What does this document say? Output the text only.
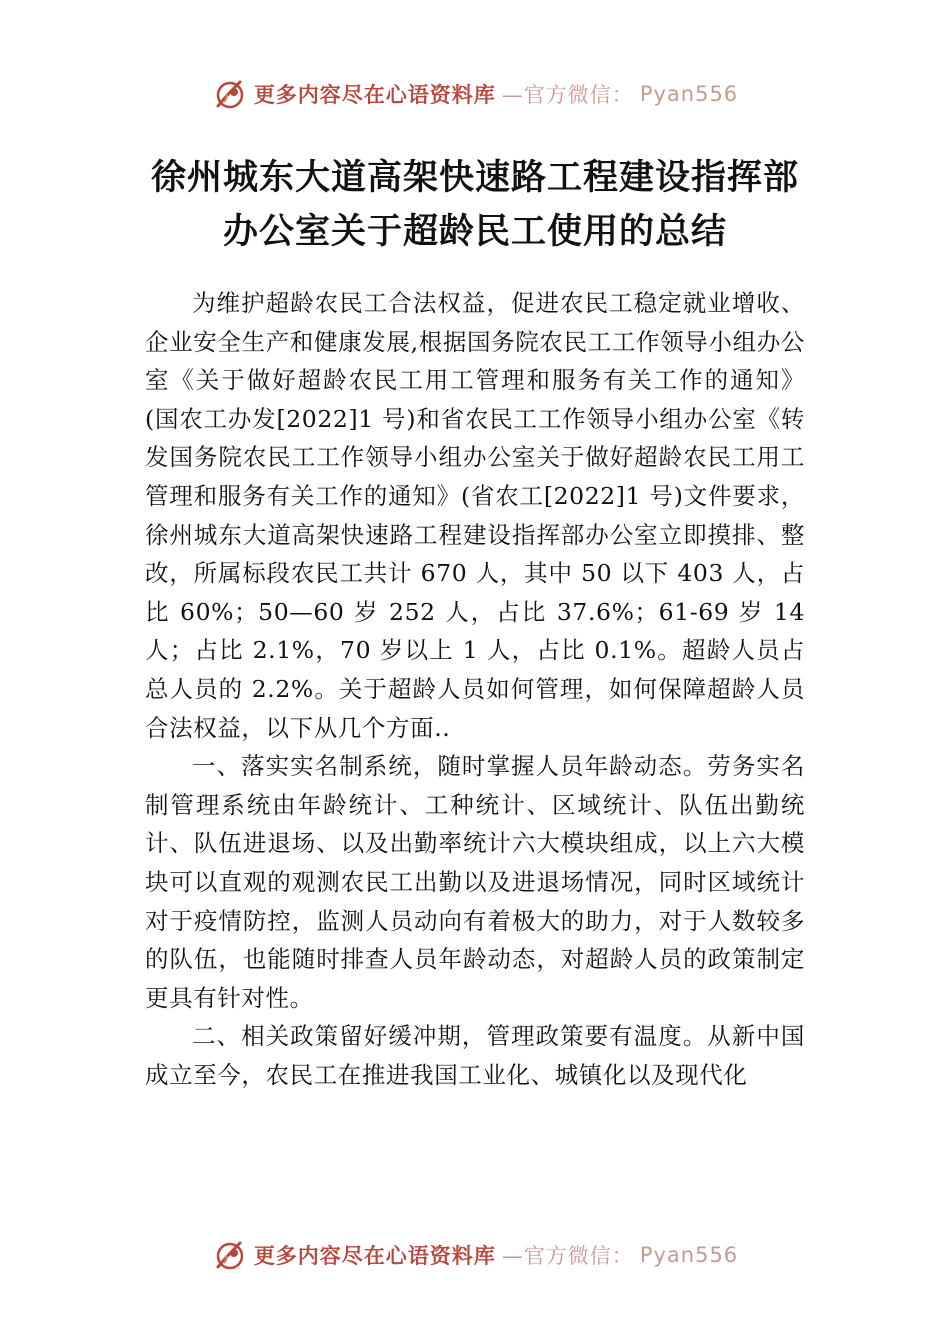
更多内容尽在心语资料库 —官方微信： Pyan556
徐州城东大道高架快速路工程建设指挥部
办公室关于超龄民工使用的总结

为维护超龄农民工合法权益，促进农民工稳定就业增收、企业安全生产和健康发展,根据国务院农民工工作领导小组办公室《关于做好超龄农民工用工管理和服务有关工作的通知》(国农工办发[2022]1 号)和省农民工工作领导小组办公室《转发国务院农民工工作领导小组办公室关于做好超龄农民工用工管理和服务有关工作的通知》(省农工[2022]1 号)文件要求，徐州城东大道高架快速路工程建设指挥部办公室立即摸排、整改，所属标段农民工共计 670 人，其中 50 以下 403 人，占比 60%；50—60 岁 252 人，占比 37.6%；61-69 岁 14 人；占比 2.1%，70 岁以上 1 人，占比 0.1%。超龄人员占总人员的 2.2%。关于超龄人员如何管理，如何保障超龄人员合法权益，以下从几个方面..

一、落实实名制系统，随时掌握人员年龄动态。劳务实名制管理系统由年龄统计、工种统计、区域统计、队伍出勤统计、队伍进退场、以及出勤率统计六大模块组成，以上六大模块可以直观的观测农民工出勤以及进退场情况，同时区域统计对于疫情防控，监测人员动向有着极大的助力，对于人数较多的队伍，也能随时排查人员年龄动态，对超龄人员的政策制定更具有针对性。

二、相关政策留好缓冲期，管理政策要有温度。从新中国成立至今，农民工在推进我国工业化、城镇化以及现代化

更多内容尽在心语资料库 —官方微信： Pyan556
